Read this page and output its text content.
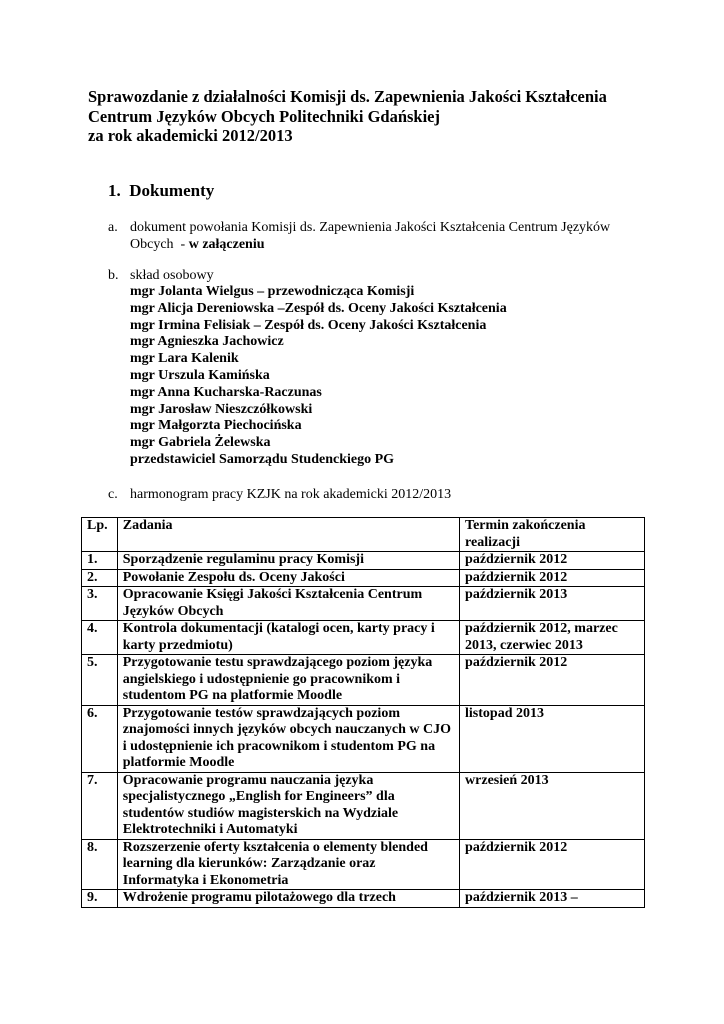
Sprawozdanie z działalności Komisji ds. Zapewnienia Jakości Kształcenia
Centrum Języków Obcych Politechniki Gdańskiej
za rok akademicki 2012/2013
1. Dokumenty
a. dokument powołania Komisji ds. Zapewnienia Jakości Kształcenia Centrum Języków
Obcych  - w załączeniu
b. skład osobowy
mgr Jolanta Wielgus – przewodnicząca Komisji
mgr Alicja Dereniowska –Zespół ds. Oceny Jakości Kształcenia
mgr Irmina Felisiak – Zespół ds. Oceny Jakości Kształcenia
mgr Agnieszka Jachowicz
mgr Lara Kalenik
mgr Urszula Kamińska
mgr Anna Kucharska-Raczunas
mgr Jarosław Nieszczółkowski
mgr Małgorzta Piechocińska
mgr Gabriela Żelewska
przedstawiciel Samorządu Studenckiego PG
c. harmonogram pracy KZJK na rok akademicki 2012/2013
Lp.	Zadania	Termin zakończenia realizacji
1.	Sporządzenie regulaminu pracy Komisji	październik 2012
2.	Powołanie Zespołu ds. Oceny Jakości	październik 2012
3.	Opracowanie Księgi Jakości Kształcenia Centrum Języków Obcych	październik 2013
4.	Kontrola dokumentacji (katalogi ocen, karty pracy i karty przedmiotu)	październik 2012, marzec 2013, czerwiec 2013
5.	Przygotowanie testu sprawdzającego poziom języka angielskiego i udostępnienie go pracownikom i studentom PG na platformie Moodle	październik 2012
6.	Przygotowanie testów sprawdzających poziom znajomości innych języków obcych nauczanych w CJO i udostępnienie ich pracownikom i studentom PG na platformie Moodle	listopad 2013
7.	Opracowanie programu nauczania języka specjalistycznego „English for Engineers” dla studentów studiów magisterskich na Wydziale Elektrotechniki i Automatyki	wrzesień 2013
8.	Rozszerzenie oferty kształcenia o elementy blended learning dla kierunków: Zarządzanie oraz Informatyka i Ekonometria	październik 2012
9.	Wdrożenie programu pilotażowego dla trzech	październik 2013 –
